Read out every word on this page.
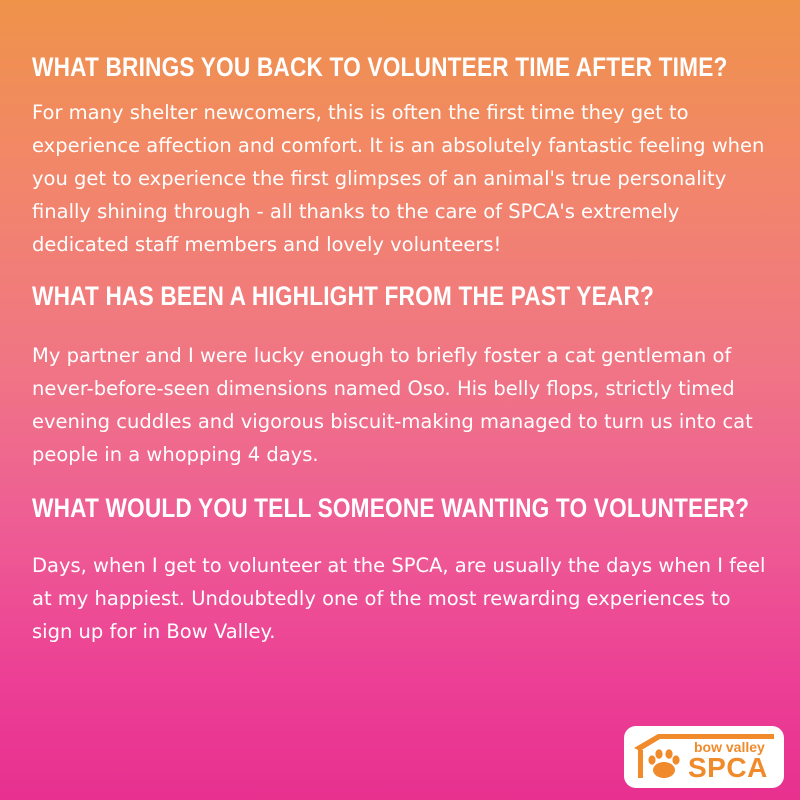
WHAT BRINGS YOU BACK TO VOLUNTEER TIME AFTER TIME?

For many shelter newcomers, this is often the first time they get to experience affection and comfort. It is an absolutely fantastic feeling when you get to experience the first glimpses of an animal's true personality finally shining through - all thanks to the care of SPCA's extremely dedicated staff members and lovely volunteers!

WHAT HAS BEEN A HIGHLIGHT FROM THE PAST YEAR?

My partner and I were lucky enough to briefly foster a cat gentleman of never-before-seen dimensions named Oso. His belly flops, strictly timed evening cuddles and vigorous biscuit-making managed to turn us into cat people in a whopping 4 days.

WHAT WOULD YOU TELL SOMEONE WANTING TO VOLUNTEER?

Days, when I get to volunteer at the SPCA, are usually the days when I feel at my happiest. Undoubtedly one of the most rewarding experiences to sign up for in Bow Valley.

bow valley
SPCA
